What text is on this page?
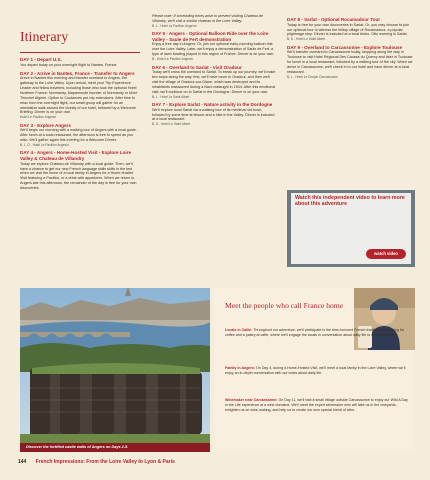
Itinerary
DAY 1 - Depart U.S.
You depart today on your overnight flight to Nantes, France.
DAY 2 - Arrive in Nantes, France - Transfer to Angers
Arrive in Nantes this morning and transfer overland to Angers, the gateway to the Loire Valley. Upon arrival, meet your Trip Experience Leader and fellow travelers, including those who took the optional Hotel Northern France: Normandy, Mapamonde founder of Normandy or Mont Tirmchel Algerie. Option to Coutances pre-trip extensions. After time to relax from the overnight flight, our small group will gather for an orientation walk around the vicinity of our hotel, followed by a Welcome Briefing. Dinner is on your own.
Hotel Le Pavillon Angevin
DAY 3 - Explore Angers
We'll begin our morning with a walking tour of Angers with a local guide. After lunch at a local restaurant, the afternoon is free to spend as you wish. We'll gather again this evening for a Welcome Dinner.
B, L, D - Hotel Le Pavillon Angevin
DAY 4 - Angers - Home-Hosted Visit - Explore Loire Valley & Chateau de Villandry
Today we explore Chateau de Villandry with a local guide. Then, we'll have a chance to get our new French language skills skills in the test when we visit the home of a local family in Angers for a Home-Hosted Visit featuring a Pacifics, or a drink with appetizers. When we return to Angers late this afternoon, the remainder of the day is free for your own discoveries.
Please note: If scheduling times arise to prevent visiting Chateau de Villandry, we'll visit a similar chateau in the Loire Valley.
B, L - Hotel Le Pavillon Angevin
DAY 5 - Angers - Optional Balloon Ride over the Loire Valley - Saule de Fert demonstration
Enjoy a free day in Angers. Or, join our optional early-morning balloon ride over the Loire Valley. Later, we'll enjoy a demonstration of Saule de Fert, a type of lawn bowling played in this region of France. Dinner is on your own.
B - Hotel Le Pavillon Angevin
DAY 6 - Overland to Sarlat - Visit Oradour
Today we'll cross the overland to Sarlat. To break up our journey, we'll make two stops along the way: first, we'll have lunch in Oradour, and then we'll visit the village of Oradour-sur-Glane, which was destroyed and its inhabitants massacred during a Nazi onslaught in 1944. After this emotional visit, we'll continue on to Sarlat in the Dordogne. Dinner is on your own.
B, L - Hotel Le Saint Albert
DAY 7 - Explore Sarlat - Nature activity in the Dordogne
We'll explore local Sarlat via a walking tour of its medieval old town, followed by some time at leisure and a hike in the Valley. Dinner is included at a local restaurant.
B, D - Hotel Le Saint Albert
DAY 8 - Sarlat - Optional Rocamadour Tour
Today is free for your own discoveries in Sarlat. Or, you may choose to join our optional tour to witness the hilltop village of Rocamadour, a popular pilgrimage stop. Dinner is included at a local bistro. Otto evening is Sarlat.
B, D - Hotel Le Saint Albert
DAY 9 - Overland to Carcassonne - Explore Toulouse
We'll transfer overland to Carcassonne today, stopping along the way in Toulouse to visit Hotel Regional Des Caussa du Quercy and later in Toulouse for lunch in a local restaurant, followed by a walking tour of the city. When we arrive in Carcassonne, we'll check in to our hotel and have dinner at a local restaurant.
B, L - Hotel Le Donjon Carcassonne
Watch this independent video to learn more about this adventure
watch video
Discover the fortified castle walls of Angers on Days 2-5.
Meet the people who call France home
Locals in Caille: Throughout our adventure, we'll participate in the time-honored French tradition of shopping for coffee and a pastry at caffe, where we'll engage the locals in conversation about daily life in our destinations.
Family in Angers: On Day 4, during a Home-Hosted Visit, we'll meet a local family in the Loire Valley, where we'll enjoy an in-depth conversation with our hosts about daily life.
Winemaker near Carcassonne: On Day 11, we'll visit a small village outside Carcassonne to enjoy our Wild A Day in the Life experience at a wine domaine. We'll meet the expert winemaker who will take us in the vineyards, enlighten us on wine-making, and help us to create our own special blend of wine.
144 French Impressions: From the Loire Valley to Lyon & Paris
